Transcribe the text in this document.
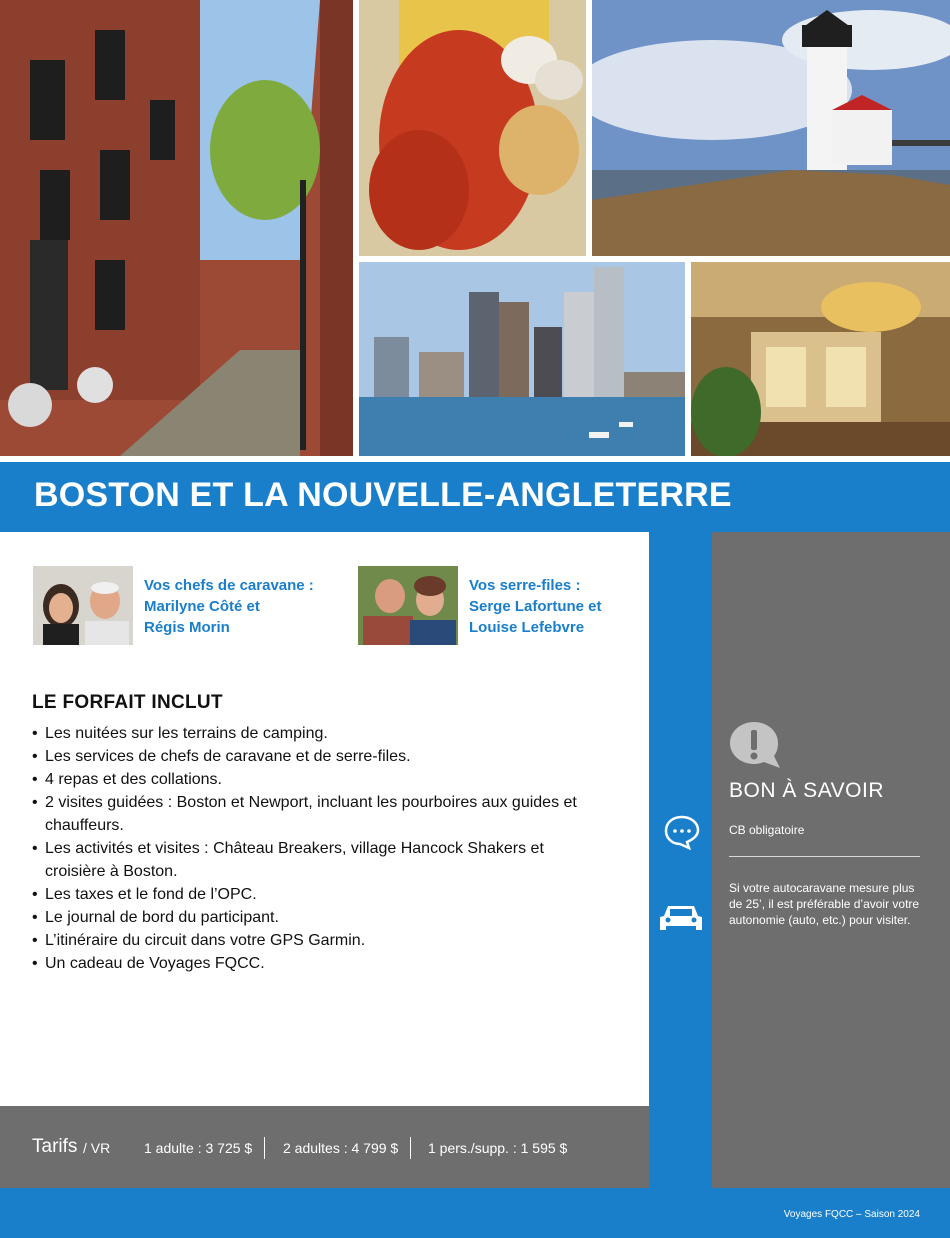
BOSTON ET LA NOUVELLE-ANGLETERRE
Vos chefs de caravane :
Marilyne Côté et
Régis Morin
Vos serre-files :
Serge Lafortune et
Louise Lefebvre
LE FORFAIT INCLUT
• Les nuitées sur les terrains de camping.
• Les services de chefs de caravane et de serre-files.
• 4 repas et des collations.
• 2 visites guidées : Boston et Newport, incluant les pourboires aux guides et chauffeurs.
• Les activités et visites : Château Breakers, village Hancock Shakers et croisière à Boston.
• Les taxes et le fond de l’OPC.
• Le journal de bord du participant.
• L’itinéraire du circuit dans votre GPS Garmin.
• Un cadeau de Voyages FQCC.
BON À SAVOIR
CB obligatoire
Si votre autocaravane mesure plus de 25’, il est préférable d’avoir votre autonomie (auto, etc.) pour visiter.
Tarifs / VR 1 adulte : 3 725 $ 2 adultes : 4 799 $ 1 pers./supp. : 1 595 $
Voyages FQCC – Saison 2024
